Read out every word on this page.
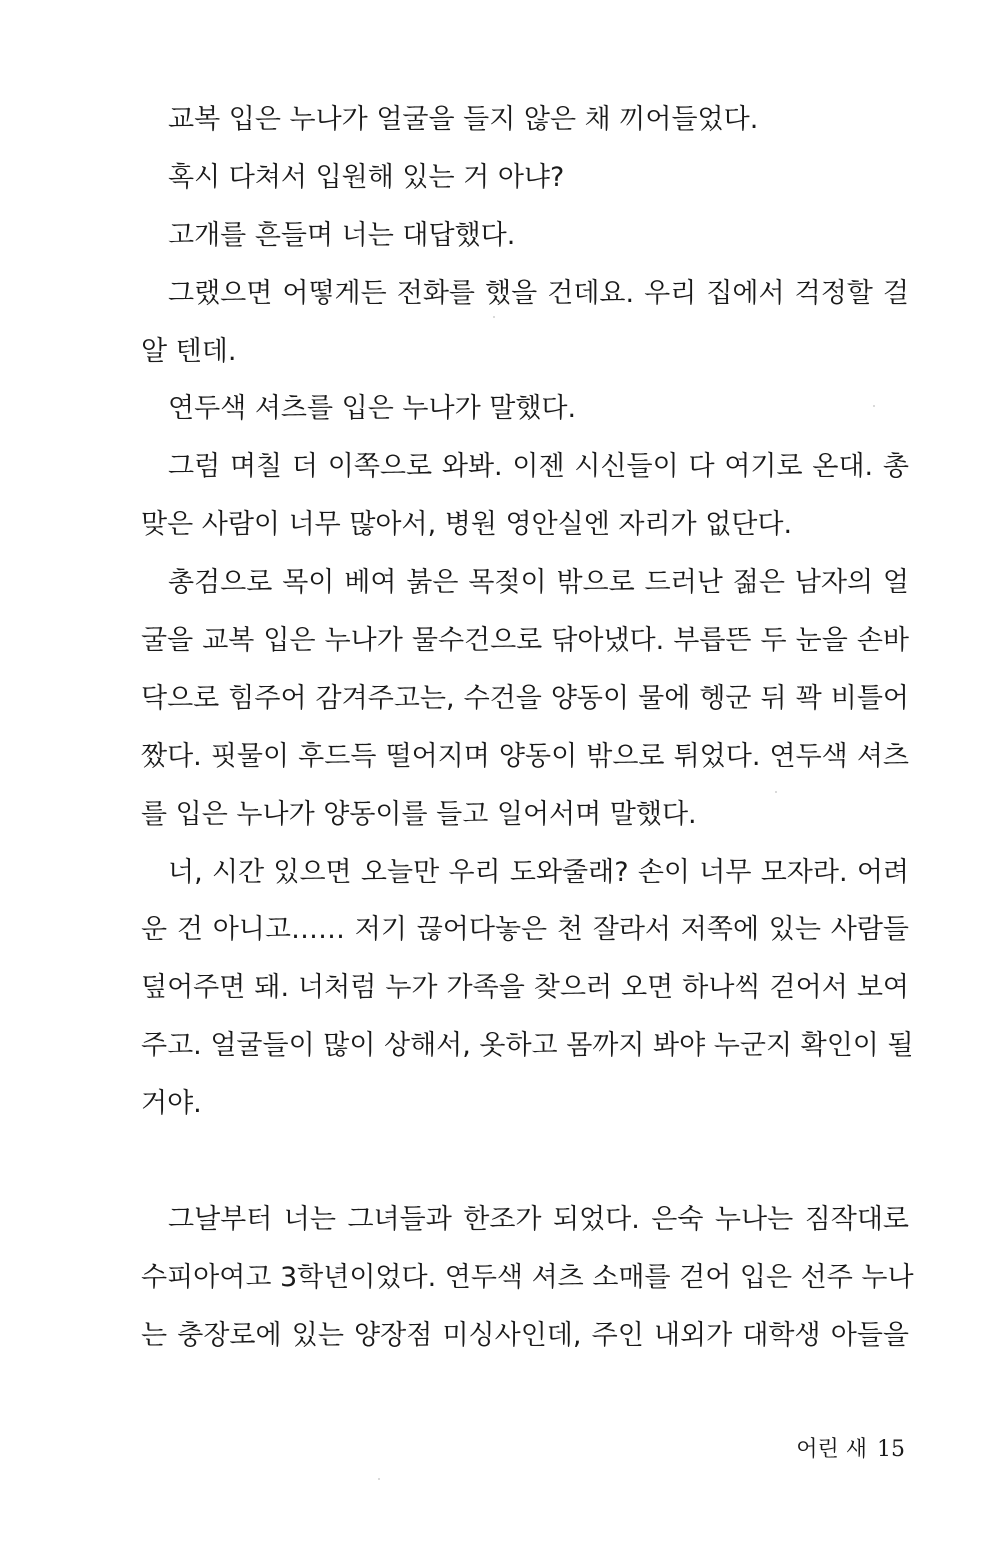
교복 입은 누나가 얼굴을 들지 않은 채 끼어들었다.
혹시 다쳐서 입원해 있는 거 아냐?
고개를 흔들며 너는 대답했다.
그랬으면 어떻게든 전화를 했을 건데요. 우리 집에서 걱정할 걸
알 텐데.
연두색 셔츠를 입은 누나가 말했다.
그럼 며칠 더 이쪽으로 와봐. 이젠 시신들이 다 여기로 온대. 총
맞은 사람이 너무 많아서, 병원 영안실엔 자리가 없단다.
총검으로 목이 베여 붉은 목젖이 밖으로 드러난 젊은 남자의 얼
굴을 교복 입은 누나가 물수건으로 닦아냈다. 부릅뜬 두 눈을 손바
닥으로 힘주어 감겨주고는, 수건을 양동이 물에 헹군 뒤 꽉 비틀어
짰다. 핏물이 후드득 떨어지며 양동이 밖으로 튀었다. 연두색 셔츠
를 입은 누나가 양동이를 들고 일어서며 말했다.
너, 시간 있으면 오늘만 우리 도와줄래? 손이 너무 모자라. 어려
운 건 아니고…… 저기 끊어다놓은 천 잘라서 저쪽에 있는 사람들
덮어주면 돼. 너처럼 누가 가족을 찾으러 오면 하나씩 걷어서 보여
주고. 얼굴들이 많이 상해서, 옷하고 몸까지 봐야 누군지 확인이 될
거야.
그날부터 너는 그녀들과 한조가 되었다. 은숙 누나는 짐작대로
수피아여고 3학년이었다. 연두색 셔츠 소매를 걷어 입은 선주 누나
는 충장로에 있는 양장점 미싱사인데, 주인 내외가 대학생 아들을
어린 새 15
